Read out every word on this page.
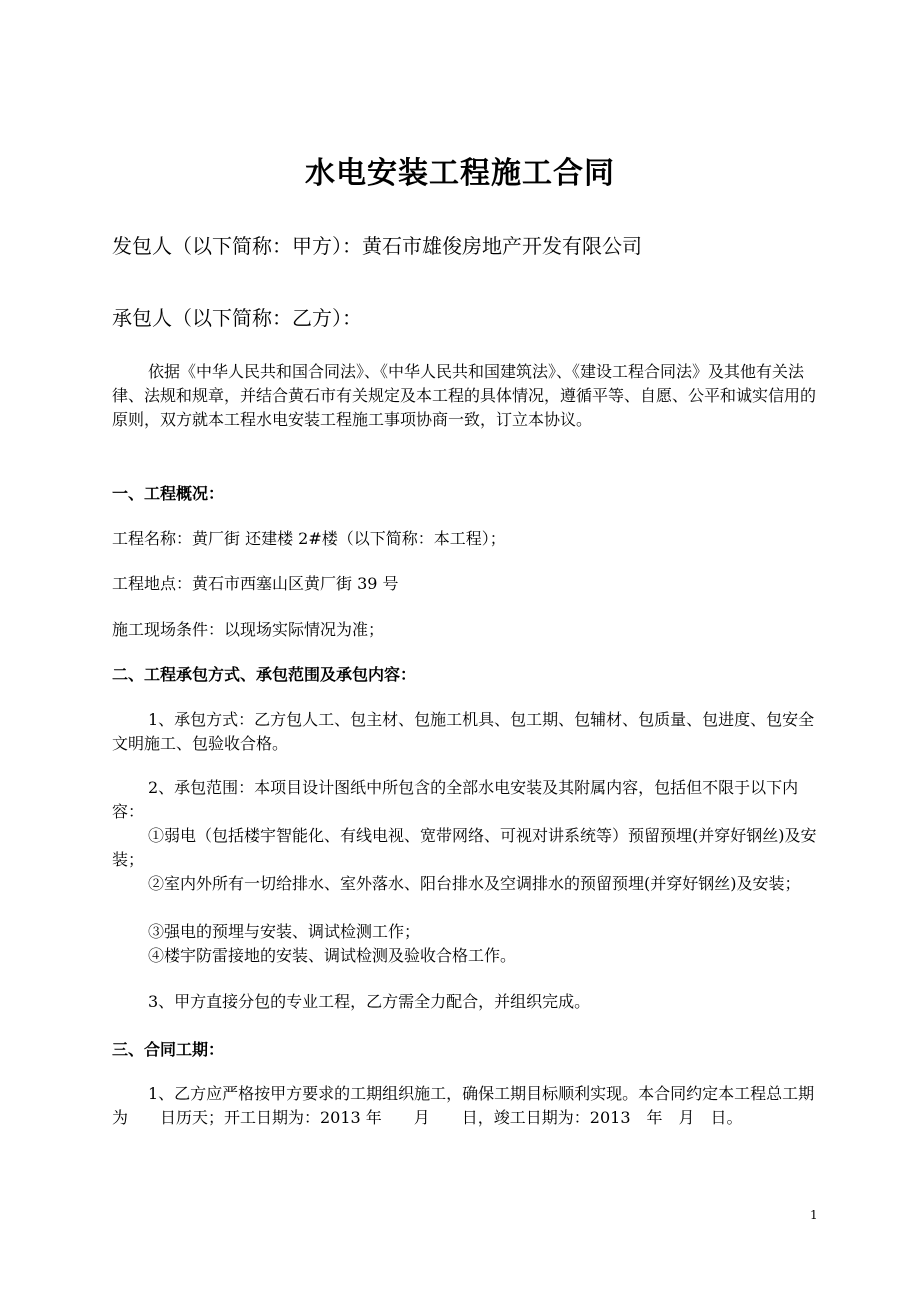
水电安装工程施工合同
发包人（以下简称：甲方）：黄石市雄俊房地产开发有限公司
承包人（以下简称：乙方）：
依据《中华人民共和国合同法》、《中华人民共和国建筑法》、《建设工程合同法》及其他有关法律、法规和规章，并结合黄石市有关规定及本工程的具体情况，遵循平等、自愿、公平和诚实信用的原则，双方就本工程水电安装工程施工事项协商一致，订立本协议。
一、工程概况：
工程名称：黄厂街 还建楼 2#楼（以下简称：本工程）；
工程地点：黄石市西塞山区黄厂街 39 号
施工现场条件：以现场实际情况为准；
二、工程承包方式、承包范围及承包内容：
1、承包方式：乙方包人工、包主材、包施工机具、包工期、包辅材、包质量、包进度、包安全文明施工、包验收合格。
2、承包范围：本项目设计图纸中所包含的全部水电安装及其附属内容，包括但不限于以下内容：
①弱电（包括楼宇智能化、有线电视、宽带网络、可视对讲系统等）预留预埋(并穿好钢丝)及安装；
②室内外所有一切给排水、室外落水、阳台排水及空调排水的预留预埋(并穿好钢丝)及安装；
③强电的预埋与安装、调试检测工作；
④楼宇防雷接地的安装、调试检测及验收合格工作。
3、甲方直接分包的专业工程，乙方需全力配合，并组织完成。
三、合同工期：
1、乙方应严格按甲方要求的工期组织施工，确保工期目标顺利实现。本合同约定本工程总工期为　　日历天；开工日期为：2013 年　　月　　日，竣工日期为：2013　年　月　日。
1
